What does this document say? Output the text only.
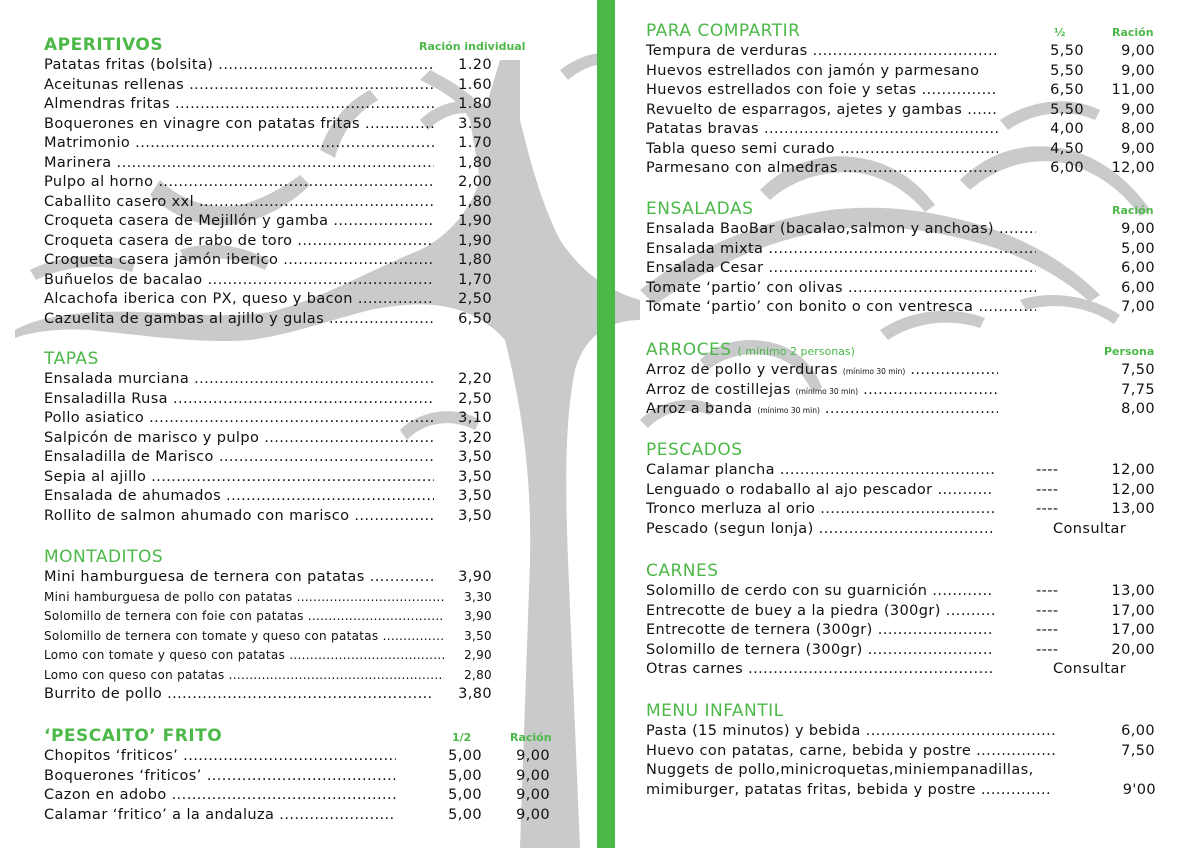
APERITIVOS	Ración individual
Patatas fritas (bolsita) .....	1.20
Aceitunas rellenas .....	1.60
Almendras fritas .....	1.80
Boquerones en vinagre con patatas fritas .....	3.50
Matrimonio .....	1.70
Marinera .....	1,80
Pulpo al horno .....	2,00
Caballito casero xxl .....	1,80
Croqueta casera de Mejillón y gamba .....	1,90
Croqueta casera de rabo de toro .....	1,90
Croqueta casera jamón iberico .....	1,80
Buñuelos de bacalao .....	1,70
Alcachofa iberica con PX, queso y bacon .....	2,50
Cazuelita de gambas al ajillo y gulas .....	6,50
TAPAS
Ensalada murciana .....	2,20
Ensaladilla Rusa .....	2,50
Pollo asiatico .....	3,10
Salpicón de marisco y pulpo .....	3,20
Ensaladilla de Marisco .....	3,50
Sepia al ajillo .....	3,50
Ensalada de ahumados .....	3,50
Rollito de salmon ahumado con marisco .....	3,50
MONTADITOS
Mini hamburguesa de ternera con patatas .....	3,90
Mini hamburguesa de pollo con patatas .....	3,30
Solomillo de ternera con foie con patatas .....	3,90
Solomillo de ternera con tomate y queso con patatas .....	3,50
Lomo con tomate y queso con patatas .....	2,90
Lomo con queso con patatas .....	2,80
Burrito de pollo .....	3,80
‘PESCAITO’ FRITO	1/2	Ración
Chopitos ‘friticos’ .....	5,00	9,00
Boquerones ‘friticos’ .....	5,00	9,00
Cazon en adobo .....	5,00	9,00
Calamar ‘fritico’ a la andaluza .....	5,00	9,00
PARA COMPARTIR	½	Ración
Tempura de verduras .....	5,50	9,00
Huevos estrellados con jamón y parmesano	5,50	9,00
Huevos estrellados con foie y setas .....	6,50	11,00
Revuelto de esparragos, ajetes y gambas .....	5,50	9,00
Patatas bravas .....	4,00	8,00
Tabla queso semi curado .....	4,50	9,00
Parmesano con almedras .....	6,00	12,00
ENSALADAS	Ración
Ensalada BaoBar (bacalao,salmon y anchoas) .....	9,00
Ensalada mixta .....	5,00
Ensalada Cesar .....	6,00
Tomate ‘partio’ con olivas .....	6,00
Tomate ‘partio’ con bonito o con ventresca .....	7,00
ARROCES ( mínimo 2 personas)	Persona
Arroz de pollo y verduras (mínimo 30 min) .....	7,50
Arroz de costillejas (mínimo 30 min) .....	7,75
Arroz a banda (mínimo 30 min) .....	8,00
PESCADOS
Calamar plancha .....	----	12,00
Lenguado o rodaballo al ajo pescador .....	----	12,00
Tronco merluza al orio .....	----	13,00
Pescado (segun lonja) .....	Consultar
CARNES
Solomillo de cerdo con su guarnición .....	----	13,00
Entrecotte de buey a la piedra (300gr) .....	----	17,00
Entrecotte de ternera (300gr) .....	----	17,00
Solomillo de ternera (300gr) .....	----	20,00
Otras carnes .....	Consultar
MENU INFANTIL
Pasta (15 minutos) y bebida .....	6,00
Huevo con patatas, carne, bebida y postre .....	7,50
Nuggets de pollo,minicroquetas,miniempanadillas,
mimiburger, patatas fritas, bebida y postre .....	9'00
